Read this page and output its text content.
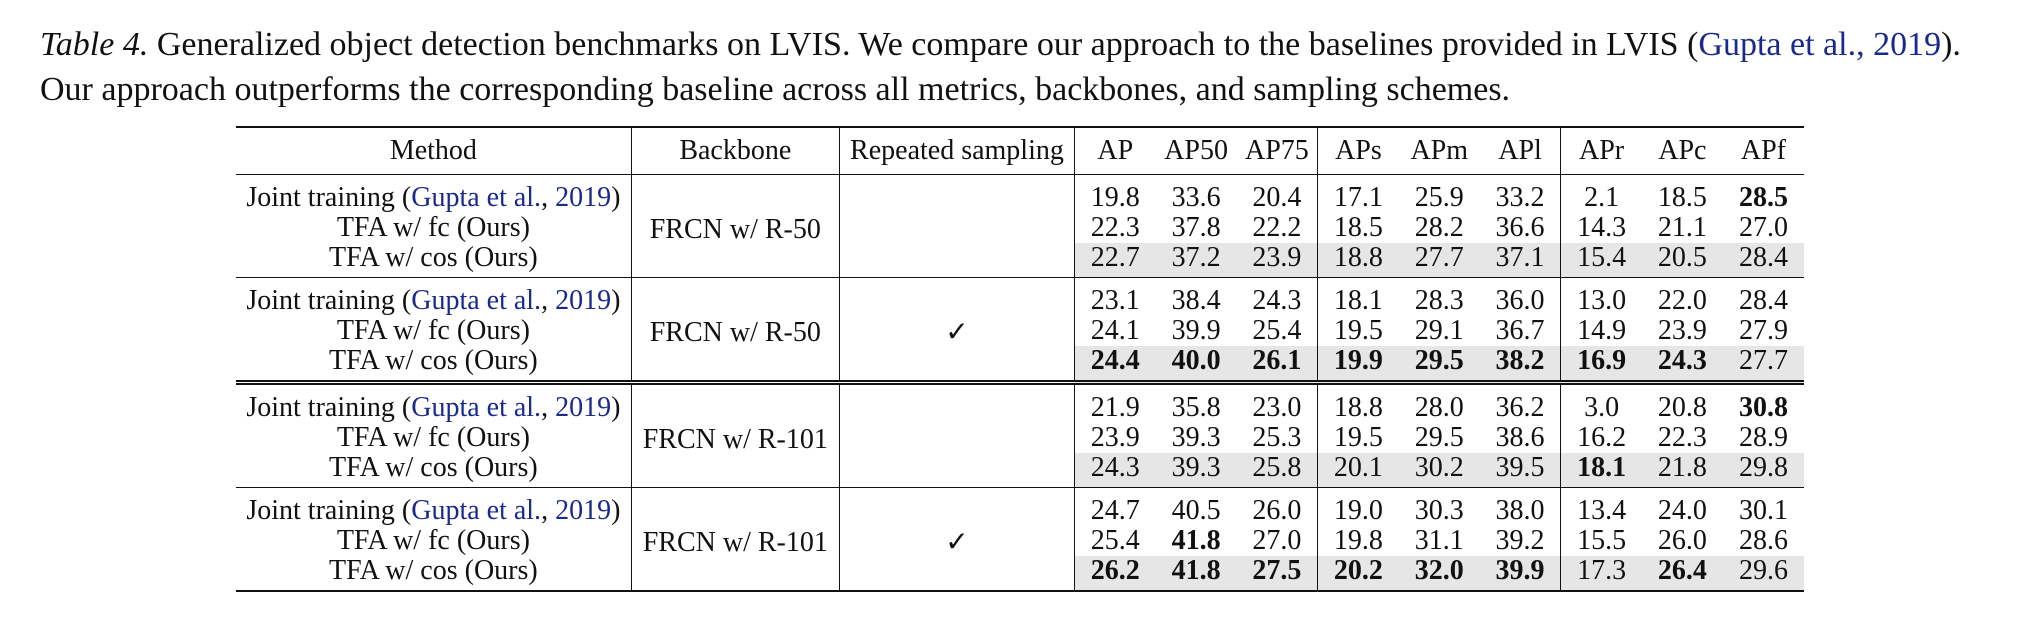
Table 4. Generalized object detection benchmarks on LVIS. We compare our approach to the baselines provided in LVIS (Gupta et al., 2019). Our approach outperforms the corresponding baseline across all metrics, backbones, and sampling schemes.
Method	Backbone	Repeated sampling	AP	AP50	AP75	APs	APm	APl	APr	APc	APf
Joint training (Gupta et al., 2019)	FRCN w/ R-50		19.8	33.6	20.4	17.1	25.9	33.2	2.1	18.5	28.5
TFA w/ fc (Ours)			22.3	37.8	22.2	18.5	28.2	36.6	14.3	21.1	27.0
TFA w/ cos (Ours)			22.7	37.2	23.9	18.8	27.7	37.1	15.4	20.5	28.4
Joint training (Gupta et al., 2019)	FRCN w/ R-50	✓	23.1	38.4	24.3	18.1	28.3	36.0	13.0	22.0	28.4
TFA w/ fc (Ours)			24.1	39.9	25.4	19.5	29.1	36.7	14.9	23.9	27.9
TFA w/ cos (Ours)			24.4	40.0	26.1	19.9	29.5	38.2	16.9	24.3	27.7
Joint training (Gupta et al., 2019)	FRCN w/ R-101		21.9	35.8	23.0	18.8	28.0	36.2	3.0	20.8	30.8
TFA w/ fc (Ours)			23.9	39.3	25.3	19.5	29.5	38.6	16.2	22.3	28.9
TFA w/ cos (Ours)			24.3	39.3	25.8	20.1	30.2	39.5	18.1	21.8	29.8
Joint training (Gupta et al., 2019)	FRCN w/ R-101	✓	24.7	40.5	26.0	19.0	30.3	38.0	13.4	24.0	30.1
TFA w/ fc (Ours)			25.4	41.8	27.0	19.8	31.1	39.2	15.5	26.0	28.6
TFA w/ cos (Ours)			26.2	41.8	27.5	20.2	32.0	39.9	17.3	26.4	29.6
